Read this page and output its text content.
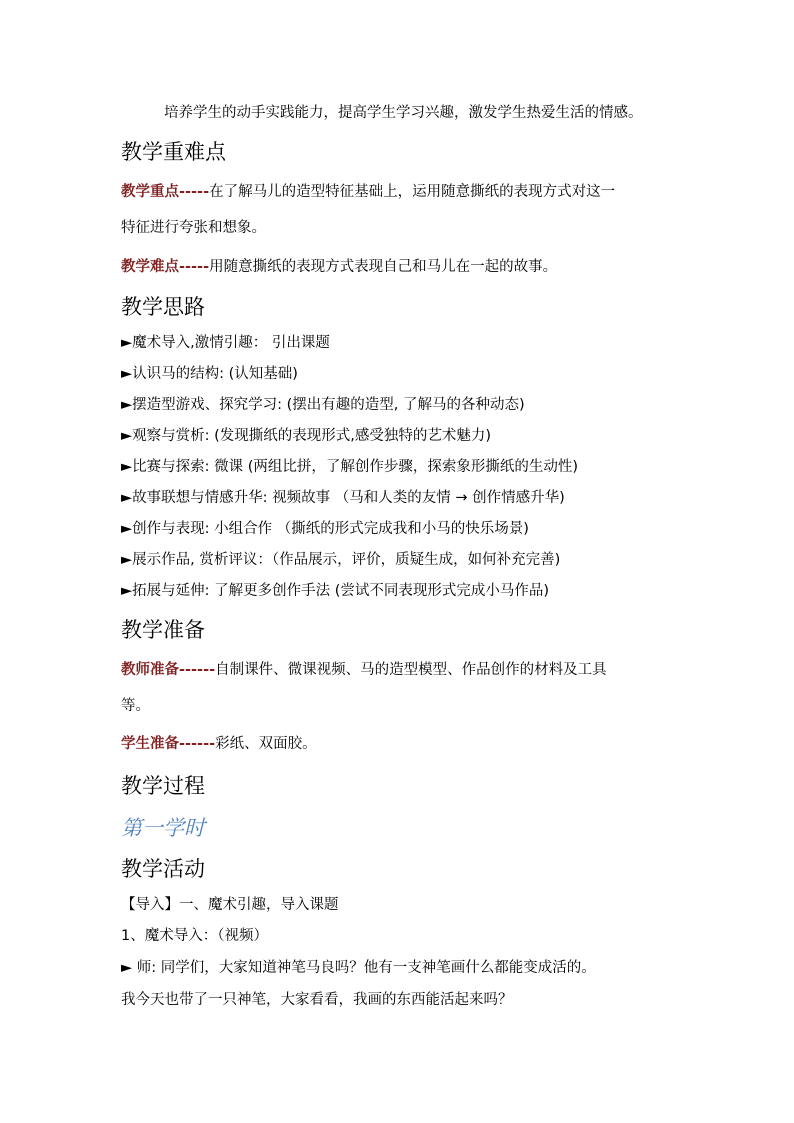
培养学生的动手实践能力，提高学生学习兴趣，激发学生热爱生活的情感。
教学重难点
教学重点-----在了解马儿的造型特征基础上，运用随意撕纸的表现方式对这一
特征进行夸张和想象。
教学难点-----用随意撕纸的表现方式表现自己和马儿在一起的故事。
教学思路
►魔术导入,激情引趣： 引出课题
►认识马的结构: (认知基础)
►摆造型游戏、探究学习: (摆出有趣的造型, 了解马的各种动态)
►观察与赏析: (发现撕纸的表现形式,感受独特的艺术魅力)
►比赛与探索: 微课 (两组比拼，了解创作步骤，探索象形撕纸的生动性)
►故事联想与情感升华: 视频故事 （马和人类的友情 → 创作情感升华)
►创作与表现: 小组合作 （撕纸的形式完成我和小马的快乐场景)
►展示作品, 赏析评议：（作品展示，评价，质疑生成，如何补充完善)
►拓展与延伸: 了解更多创作手法 (尝试不同表现形式完成小马作品)
教学准备
教师准备------自制课件、微课视频、马的造型模型、作品创作的材料及工具
等。
学生准备------彩纸、双面胶。
教学过程
第一学时
教学活动
【导入】一、魔术引趣，导入课题
1、魔术导入：（视频）
► 师: 同学们，大家知道神笔马良吗？他有一支神笔画什么都能变成活的。
我今天也带了一只神笔，大家看看，我画的东西能活起来吗？
